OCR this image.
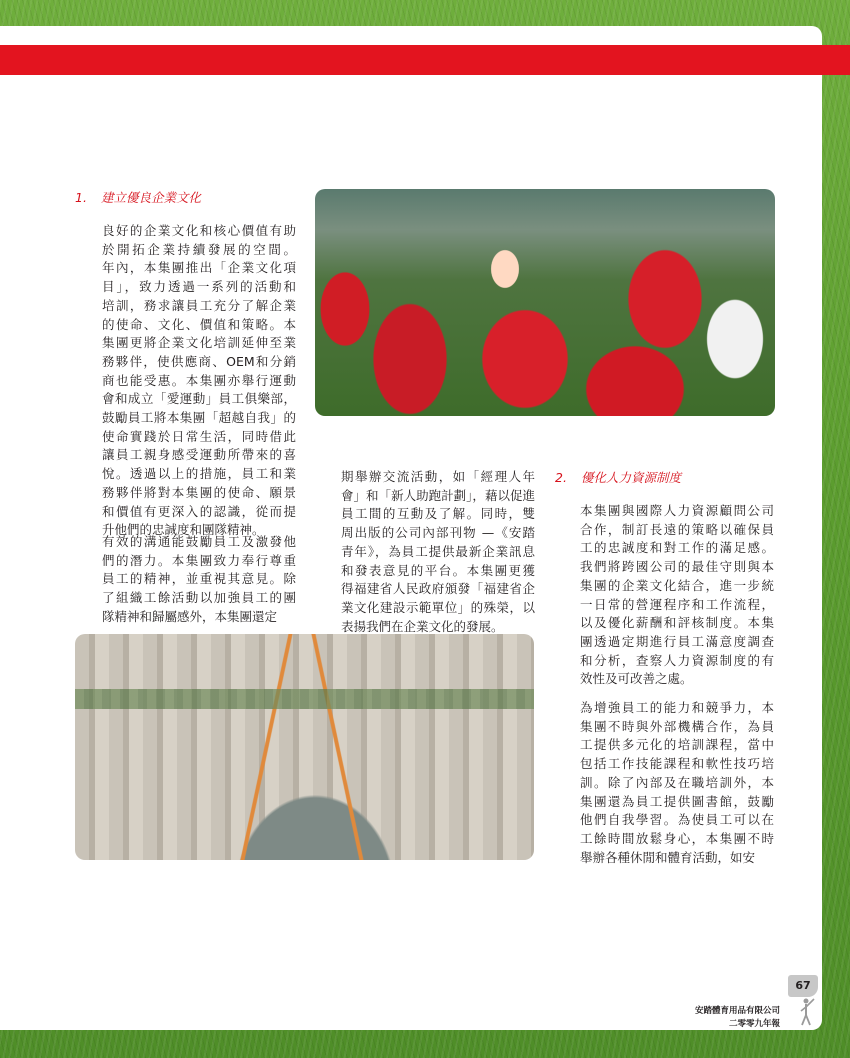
1. 建立優良企業文化

良好的企業文化和核心價值有助
於開拓企業持續發展的空間。
年內，本集團推出「企業文化項
目」，致力透過一系列的活動和
培訓，務求讓員工充分了解企業
的使命、文化、價值和策略。本
集團更將企業文化培訓延伸至業
務夥伴，使供應商、OEM和分銷
商也能受惠。本集團亦舉行運動
會和成立「愛運動」員工俱樂部，
鼓勵員工將本集團「超越自我」的
使命實踐於日常生活，同時借此
讓員工親身感受運動所帶來的喜
悅。透過以上的措施，員工和業
務夥伴將對本集團的使命、願景
和價值有更深入的認識，從而提
升他們的忠誠度和團隊精神。
有效的溝通能鼓勵員工及激發他
們的潛力。本集團致力奉行尊重
員工的精神，並重視其意見。除
了組織工餘活動以加強員工的團
隊精神和歸屬感外，本集團還定
期舉辦交流活動，如「經理人年
會」和「新人助跑計劃」，藉以促進
員工間的互動及了解。同時，雙
周出版的公司內部刊物 —《安踏
青年》，為員工提供最新企業訊息
和發表意見的平台。本集團更獲
得福建省人民政府頒發「福建省企
業文化建設示範單位」的殊榮，以
表揚我們在企業文化的發展。

2. 優化人力資源制度

本集團與國際人力資源顧問公司
合作，制訂長遠的策略以確保員
工的忠誠度和對工作的滿足感。
我們將跨國公司的最佳守則與本
集團的企業文化結合，進一步統
一日常的營運程序和工作流程，
以及優化薪酬和評核制度。本集
團透過定期進行員工滿意度調查
和分析，查察人力資源制度的有
效性及可改善之處。
為增強員工的能力和競爭力，本
集團不時與外部機構合作，為員
工提供多元化的培訓課程，當中
包括工作技能課程和軟性技巧培
訓。除了內部及在職培訓外，本
集團還為員工提供圖書館，鼓勵
他們自我學習。為使員工可以在
工餘時間放鬆身心，本集團不時
舉辦各種休閒和體育活動，如安
67
安踏體育用品有限公司
二零零九年報
